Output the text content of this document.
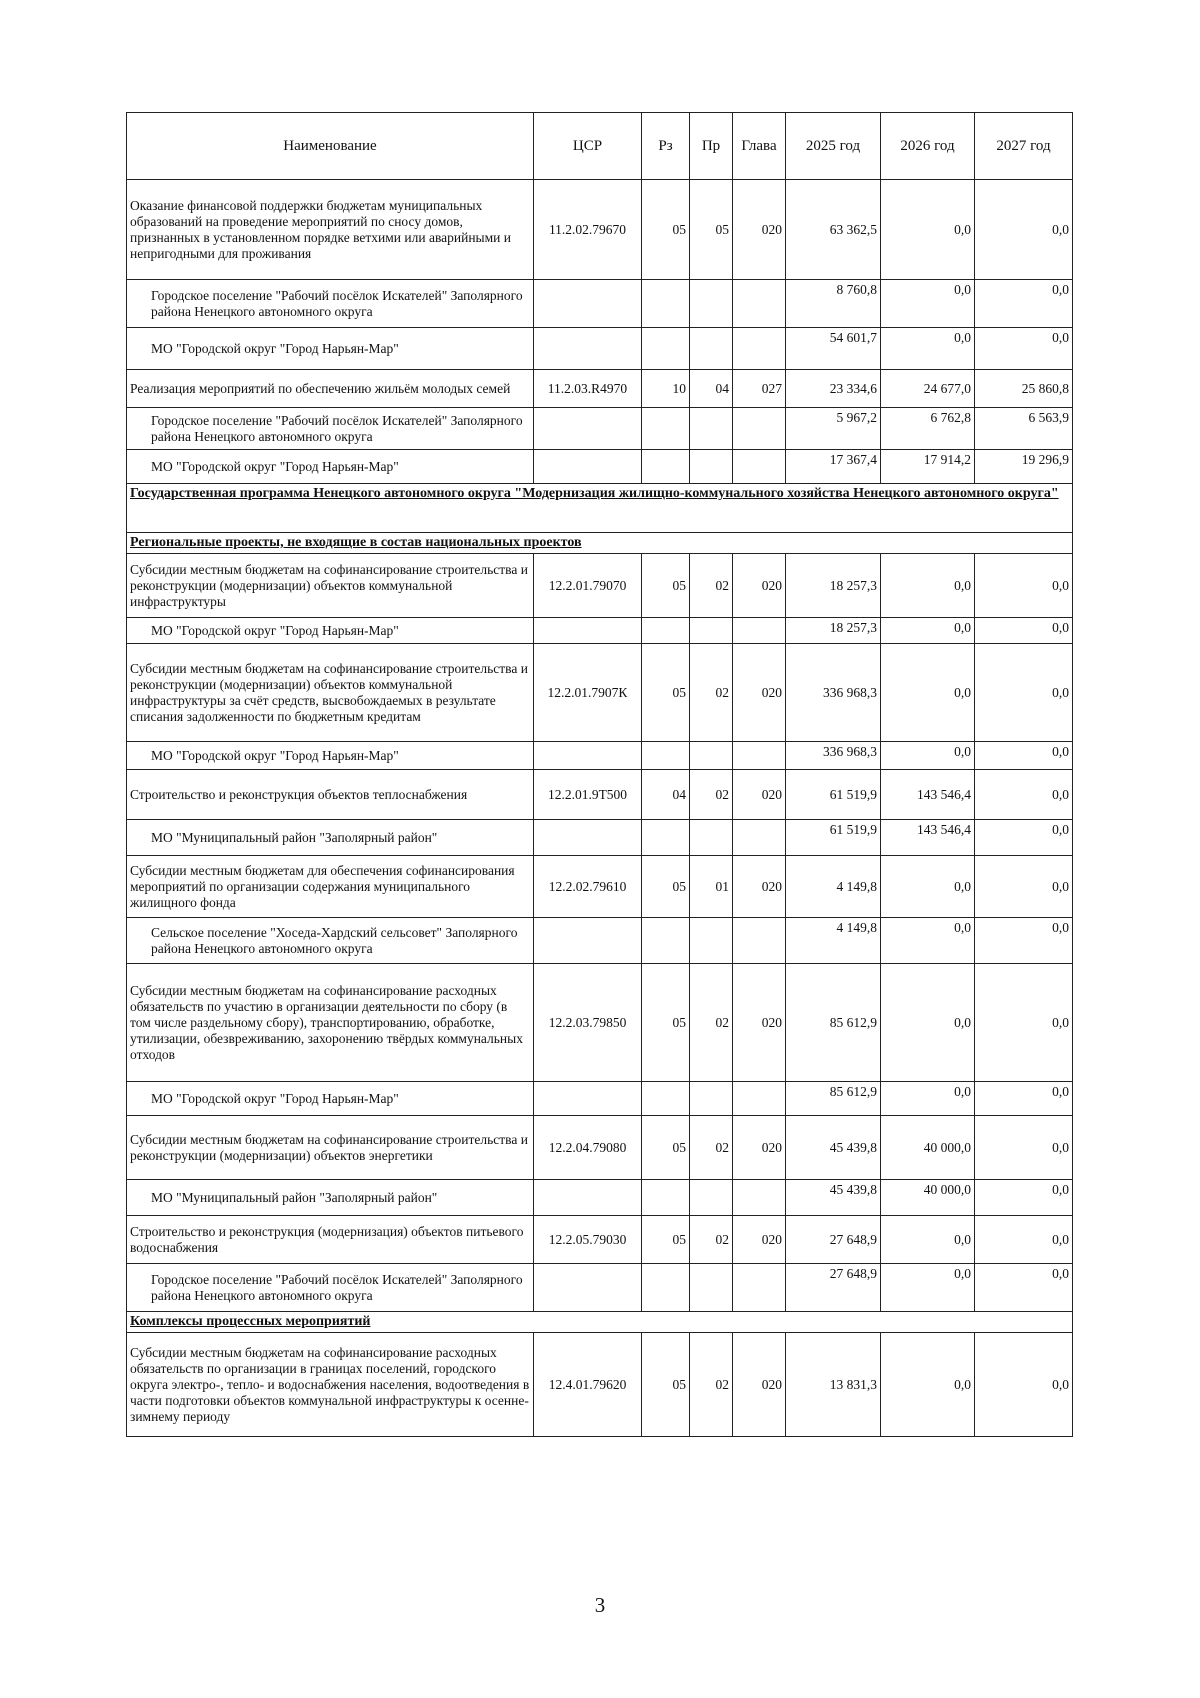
Наименование	ЦСР	Рз	Пр	Глава	2025 год	2026 год	2027 год
Оказание финансовой поддержки бюджетам муниципальных образований на проведение мероприятий по сносу домов, признанных в установленном порядке ветхими или аварийными и непригодными для проживания	11.2.02.79670	05	05	020	63 362,5	0,0	0,0
Городское поселение "Рабочий посёлок Искателей" Заполярного района Ненецкого автономного округа					8 760,8	0,0	0,0
МО "Городской округ "Город Нарьян-Мар"					54 601,7	0,0	0,0
Реализация мероприятий по обеспечению жильём молодых семей	11.2.03.R4970	10	04	027	23 334,6	24 677,0	25 860,8
Городское поселение "Рабочий посёлок Искателей" Заполярного района Ненецкого автономного округа					5 967,2	6 762,8	6 563,9
МО "Городской округ "Город Нарьян-Мар"					17 367,4	17 914,2	19 296,9
Государственная программа Ненецкого автономного округа "Модернизация жилищно-коммунального хозяйства Ненецкого автономного округа"							
Региональные проекты, не входящие в состав национальных проектов							
Субсидии местным бюджетам на софинансирование строительства и реконструкции (модернизации) объектов коммунальной инфраструктуры	12.2.01.79070	05	02	020	18 257,3	0,0	0,0
МО "Городской округ "Город Нарьян-Мар"					18 257,3	0,0	0,0
Субсидии местным бюджетам на софинансирование строительства и реконструкции (модернизации) объектов коммунальной инфраструктуры за счёт средств, высвобождаемых в результате списания задолженности по бюджетным кредитам	12.2.01.7907К	05	02	020	336 968,3	0,0	0,0
МО "Городской округ "Город Нарьян-Мар"					336 968,3	0,0	0,0
Строительство и реконструкция объектов теплоснабжения	12.2.01.9Т500	04	02	020	61 519,9	143 546,4	0,0
МО "Муниципальный район "Заполярный район"					61 519,9	143 546,4	0,0
Субсидии местным бюджетам для обеспечения софинансирования мероприятий по организации содержания муниципального жилищного фонда	12.2.02.79610	05	01	020	4 149,8	0,0	0,0
Сельское поселение "Хоседа-Хардский сельсовет" Заполярного района Ненецкого автономного округа					4 149,8	0,0	0,0
Субсидии местным бюджетам на софинансирование расходных обязательств по участию в организации деятельности по сбору (в том числе раздельному сбору), транспортированию, обработке, утилизации, обезвреживанию, захоронению твёрдых коммунальных отходов	12.2.03.79850	05	02	020	85 612,9	0,0	0,0
МО "Городской округ "Город Нарьян-Мар"					85 612,9	0,0	0,0
Субсидии местным бюджетам на софинансирование строительства и реконструкции (модернизации) объектов энергетики	12.2.04.79080	05	02	020	45 439,8	40 000,0	0,0
МО "Муниципальный район "Заполярный район"					45 439,8	40 000,0	0,0
Строительство и реконструкция (модернизация) объектов питьевого водоснабжения	12.2.05.79030	05	02	020	27 648,9	0,0	0,0
Городское поселение "Рабочий посёлок Искателей" Заполярного района Ненецкого автономного округа					27 648,9	0,0	0,0
Комплексы процессных мероприятий							
Субсидии местным бюджетам на софинансирование расходных обязательств по организации в границах поселений, городского округа электро-, тепло- и водоснабжения населения, водоотведения в части подготовки объектов коммунальной инфраструктуры к осенне-зимнему периоду	12.4.01.79620	05	02	020	13 831,3	0,0	0,0
3
